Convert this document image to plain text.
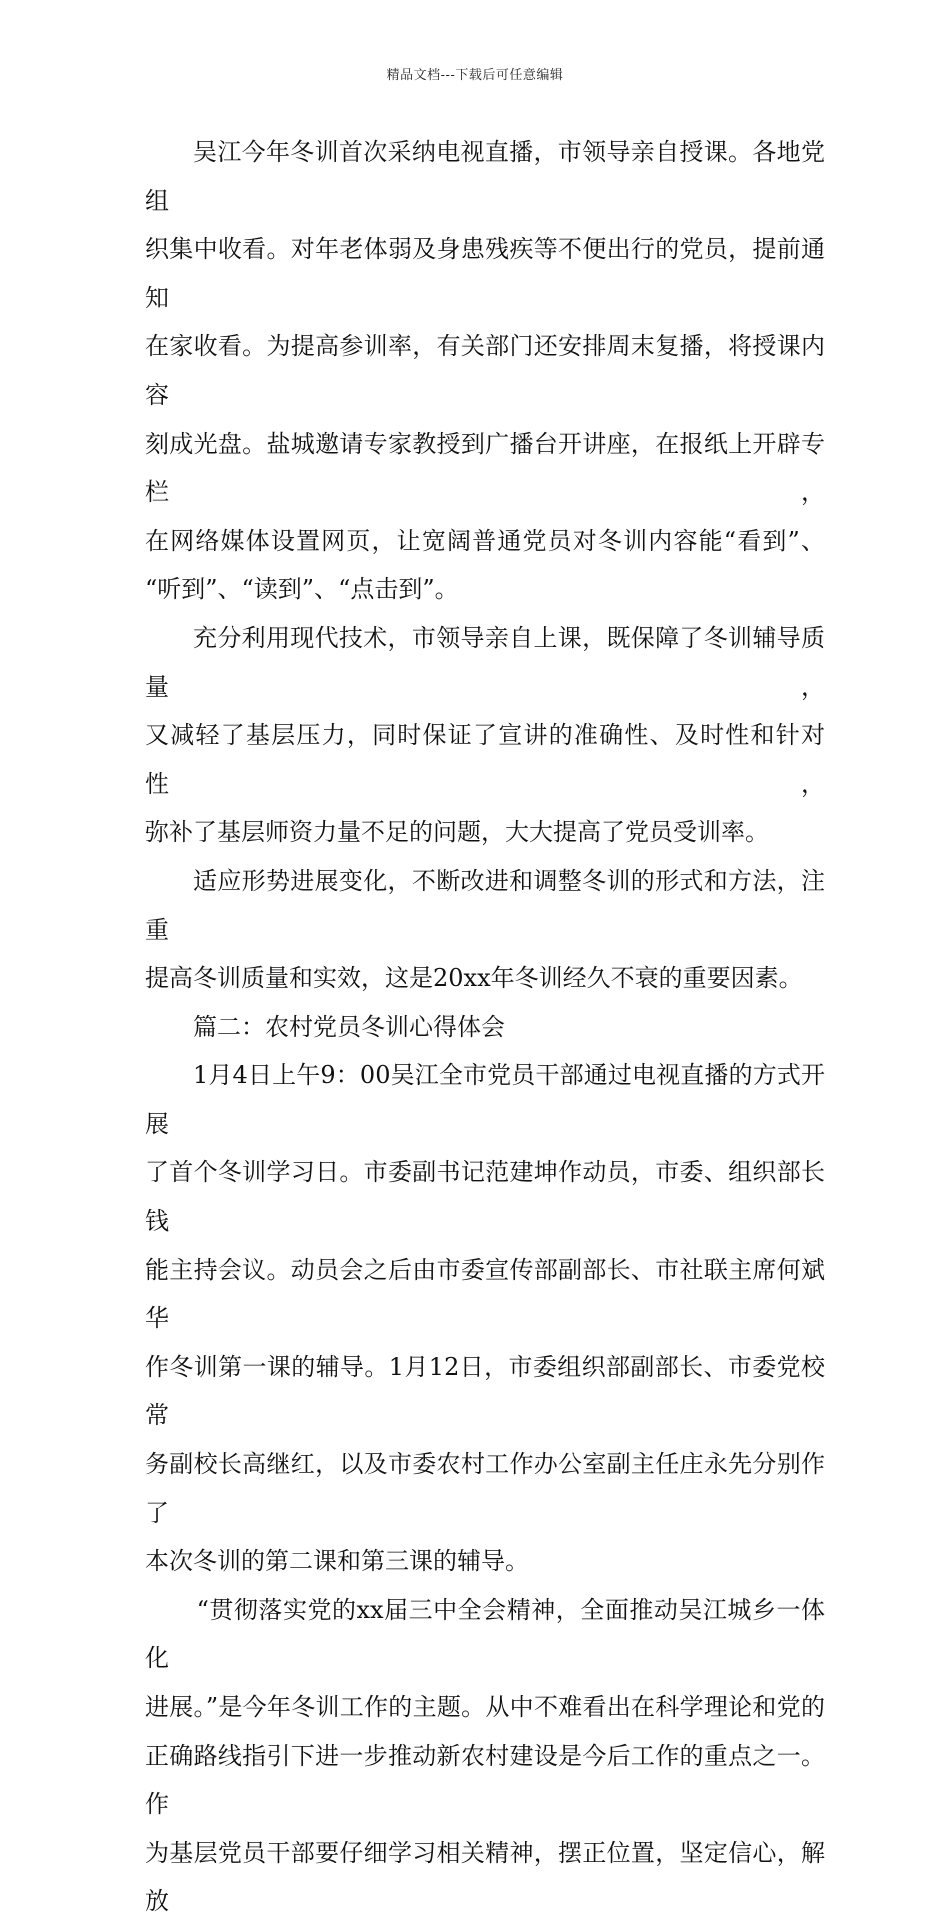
精品文档---下载后可任意编辑
吴江今年冬训首次采纳电视直播，市领导亲自授课。各地党组
织集中收看。对年老体弱及身患残疾等不便出行的党员，提前通知
在家收看。为提高参训率，有关部门还安排周末复播，将授课内容
刻成光盘。盐城邀请专家教授到广播台开讲座，在报纸上开辟专栏，
在网络媒体设置网页，让宽阔普通党员对冬训内容能“看到”、
“听到”、“读到”、“点击到”。
充分利用现代技术，市领导亲自上课，既保障了冬训辅导质量，
又减轻了基层压力，同时保证了宣讲的准确性、及时性和针对性，
弥补了基层师资力量不足的问题，大大提高了党员受训率。
适应形势进展变化，不断改进和调整冬训的形式和方法，注重
提高冬训质量和实效，这是20xx年冬训经久不衰的重要因素。
篇二：农村党员冬训心得体会
1月4日上午9：00吴江全市党员干部通过电视直播的方式开展
了首个冬训学习日。市委副书记范建坤作动员，市委、组织部长钱
能主持会议。动员会之后由市委宣传部副部长、市社联主席何斌华
作冬训第一课的辅导。1月12日，市委组织部副部长、市委党校常
务副校长高继红，以及市委农村工作办公室副主任庄永先分别作了
本次冬训的第二课和第三课的辅导。
“贯彻落实党的xx届三中全会精神，全面推动吴江城乡一体化
进展。”是今年冬训工作的主题。从中不难看出在科学理论和党的
正确路线指引下进一步推动新农村建设是今后工作的重点之一。作
为基层党员干部要仔细学习相关精神，摆正位置，坚定信心，解放
